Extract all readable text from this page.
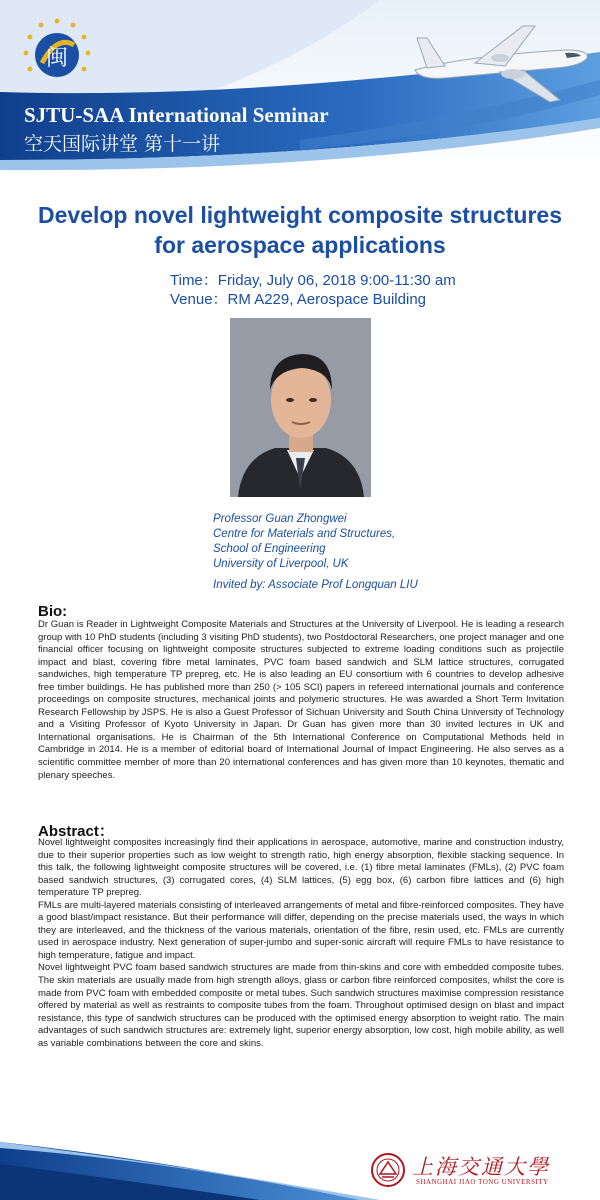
闽

SJTU-SAA International Seminar

空天国际讲堂 第十一讲

Develop novel lightweight composite structures
for aerospace applications

Time：Friday, July 06, 2018 9:00-11:30 am

Venue：RM A229, Aerospace Building

Professor Guan Zhongwei
Centre for Materials and Structures,
School of Engineering
University of Liverpool, UK
Invited by: Associate Prof Longquan LIU
Bio:

Dr Guan is Reader in Lightweight Composite Materials and Structures at the University of Liverpool. He is leading a research group with 10 PhD students (including 3 visiting PhD students), two Postdoctoral Researchers, one project manager and one financial officer focusing on lightweight composite structures subjected to extreme loading conditions such as projectile impact and blast, covering fibre metal laminates, PVC foam based sandwich and SLM lattice structures, corrugated sandwiches, high temperature TP prepreg, etc. He is also leading an EU consortium with 6 countries to develop adhesive free timber buildings. He has published more than 250 (> 105 SCI) papers in refereed international journals and conference proceedings on composite structures, mechanical joints and polymeric structures. He was awarded a Short Term Invitation Research Fellowship by JSPS. He is also a Guest Professor of Sichuan University and South China University of Technology and a Visiting Professor of Kyoto University in Japan. Dr Guan has given more than 30 invited lectures in UK and International organisations. He is Chairman of the 5th International Conference on Computational Methods held in Cambridge in 2014. He is a member of editorial board of International Journal of Impact Engineering. He also serves as a scientific committee member of more than 20 international conferences and has given more than 10 keynotes, thematic and plenary speeches.

Abstract：

Novel lightweight composites increasingly find their applications in aerospace, automotive, marine and construction industry, due to their superior properties such as low weight to strength ratio, high energy absorption, flexible stacking sequence. In this talk, the following lightweight composite structures will be covered, i.e. (1) fibre metal laminates (FMLs), (2) PVC foam based sandwich structures, (3) corrugated cores, (4) SLM lattices, (5) egg box, (6) carbon fibre lattices and (6) high temperature TP prepreg.

FMLs are multi-layered materials consisting of interleaved arrangements of metal and fibre-reinforced composites. They have a good blast/impact resistance. But their performance will differ, depending on the precise materials used, the ways in which they are interleaved, and the thickness of the various materials, orientation of the fibre, resin used, etc. FMLs are currently used in aerospace industry. Next generation of super-jumbo and super-sonic aircraft will require FMLs to have resistance to high temperature, fatigue and impact.

Novel lightweight PVC foam based sandwich structures are made from thin-skins and core with embedded composite tubes. The skin materials are usually made from high strength alloys, glass or carbon fibre reinforced composites, whilst the core is made from PVC foam with embedded composite or metal tubes. Such sandwich structures maximise compression resistance offered by material as well as restraints to composite tubes from the foam. Throughout optimised design on blast and impact resistance, this type of sandwich structures can be produced with the optimised energy absorption to weight ratio. The main advantages of such sandwich structures are: extremely light, superior energy absorption, low cost, high mobile ability, as well as variable combinations between the core and skins.

上海交通大學

SHANGHAI JIAO TONG UNIVERSITY
